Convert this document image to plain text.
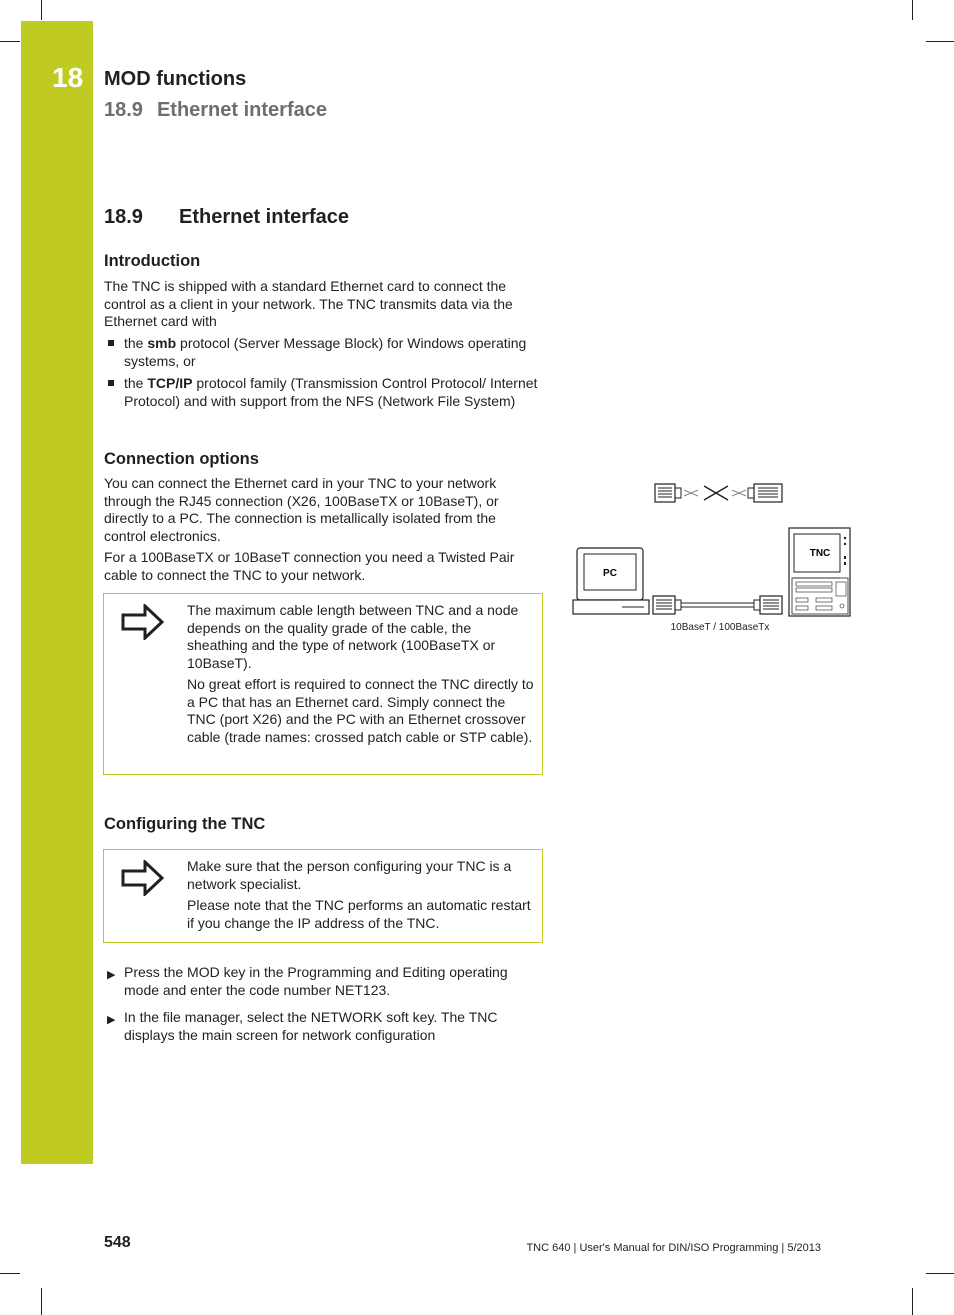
18 MOD functions
18.9 Ethernet interface
18.9 Ethernet interface
Introduction

The TNC is shipped with a standard Ethernet card to connect the control as a client in your network. The TNC transmits data via the Ethernet card with

the smb protocol (Server Message Block) for Windows operating systems, or
the TCP/IP protocol family (Transmission Control Protocol/ Internet Protocol) and with support from the NFS (Network File System)
Connection options

You can connect the Ethernet card in your TNC to your network through the RJ45 connection (X26, 100BaseTX or 10BaseT), or directly to a PC. The connection is metallically isolated from the control electronics.

For a 100BaseTX or 10BaseT connection you need a Twisted Pair cable to connect the TNC to your network.

The maximum cable length between TNC and a node depends on the quality grade of the cable, the sheathing and the type of network (100BaseTX or 10BaseT).

No great effort is required to connect the TNC directly to a PC that has an Ethernet card. Simply connect the TNC (port X26) and the PC with an Ethernet crossover cable (trade names: crossed patch cable or STP cable).

PC
10BaseT / 100BaseTx
TNC
Configuring the TNC

Make sure that the person configuring your TNC is a network specialist.

Please note that the TNC performs an automatic restart if you change the IP address of the TNC.

▶ Press the MOD key in the Programming and Editing operating mode and enter the code number NET123.
▶ In the file manager, select the NETWORK soft key. The TNC displays the main screen for network configuration
548	TNC 640 | User's Manual for DIN/ISO Programming | 5/2013
